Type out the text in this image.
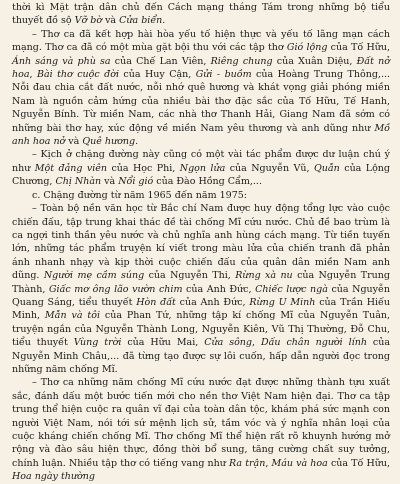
thời kì Mặt trận dân chủ đến Cách mạng tháng Tám trong những bộ tiểu thuyết đồ sộ Vỡ bờ và Cửa biển.

– Thơ ca đã kết hợp hài hòa yếu tố hiện thực và yếu tố lãng mạn cách mạng. Thơ ca đã có một mùa gặt bội thu với các tập thơ Gió lộng của Tố Hữu, Ánh sáng và phù sa của Chế Lan Viên, Riêng chung của Xuân Diệu, Đất nở hoa, Bài thơ cuộc đời của Huy Cận, Gửi - buồm của Hoàng Trung Thông,... Nỗi đau chia cắt đất nước, nỗi nhớ quê hương và khát vọng giải phóng miền Nam là nguồn cảm hứng của nhiều bài thơ đặc sắc của Tố Hữu, Tế Hanh, Nguyễn Bính. Từ miền Nam, các nhà thơ Thanh Hải, Giang Nam đã sớm có những bài thơ hay, xúc động về miền Nam yêu thương và anh dũng như Mồ anh hoa nở và Quê hương.

– Kịch ở chặng đường này cũng có một vài tác phẩm được dư luận chú ý như Một đảng viên của Học Phi, Ngọn lửa của Nguyễn Vũ, Quẫn của Lộng Chương, Chị Nhàn và Nổi gió của Đào Hồng Cẩm,...

c. Chặng đường từ năm 1965 đến năm 1975:

– Toàn bộ nền văn học từ Bắc chí Nam được huy động tổng lực vào cuộc chiến đấu, tập trung khai thác đề tài chống Mĩ cứu nước. Chủ đề bao trùm là ca ngợi tinh thần yêu nước và chủ nghĩa anh hùng cách mạng. Từ tiền tuyến lớn, những tác phẩm truyện kí viết trong màu lửa của chiến tranh đã phản ánh nhanh nhạy và kịp thời cuộc chiến đấu của quân dân miền Nam anh dũng. Người mẹ cầm súng của Nguyễn Thi, Rừng xà nu của Nguyễn Trung Thành, Giấc mơ ông lão vườn chim của Anh Đức, Chiếc lược ngà của Nguyễn Quang Sáng, tiểu thuyết Hòn đất của Anh Đức, Rừng U Minh của Trần Hiếu Minh, Mẫn và tôi của Phan Tứ, những tập kí chống Mĩ của Nguyễn Tuân, truyện ngắn của Nguyễn Thành Long, Nguyễn Kiên, Vũ Thị Thường, Đỗ Chu, tiểu thuyết Vùng trời của Hữu Mai, Cửa sông, Dấu chân người lính của Nguyễn Minh Châu,... đã từng tạo được sự lôi cuốn, hấp dẫn người đọc trong những năm chống Mĩ.

– Thơ ca những năm chống Mĩ cứu nước đạt được những thành tựu xuất sắc, đánh dấu một bước tiến mới cho nền thơ Việt Nam hiện đại. Thơ ca tập trung thể hiện cuộc ra quân vĩ đại của toàn dân tộc, khám phá sức mạnh con người Việt Nam, nói tới sứ mệnh lịch sử, tầm vóc và ý nghĩa nhân loại của cuộc kháng chiến chống Mĩ. Thơ chống Mĩ thể hiện rất rõ khuynh hướng mở rộng và đào sâu hiện thực, đồng thời bổ sung, tăng cường chất suy tưởng, chính luận. Nhiều tập thơ có tiếng vang như Ra trận, Máu và hoa của Tố Hữu, Hoa ngày thường
